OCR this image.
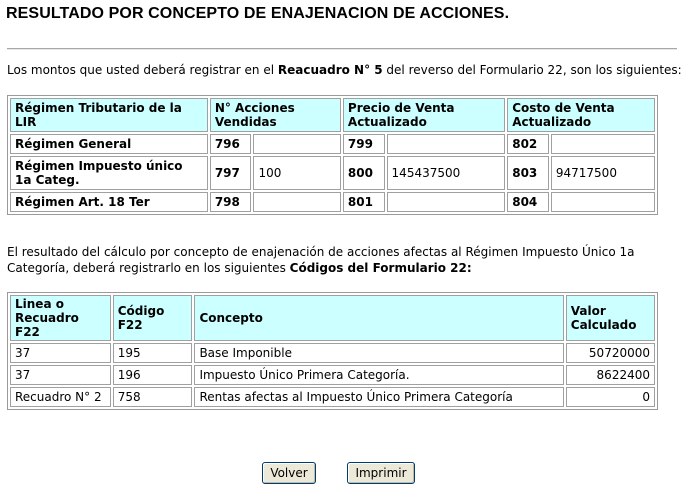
RESULTADO POR CONCEPTO DE ENAJENACION DE ACCIONES.
Los montos que usted deberá registrar en el Reacuadro N° 5 del reverso del Formulario 22, son los siguientes:
Régimen Tributario de la LIR	N° Acciones Vendidas		Precio de Venta Actualizado		Costo de Venta Actualizado	
Régimen General	796		799		802	
Régimen Impuesto único 1a Categ.	797	100	800	145437500	803	94717500
Régimen Art. 18 Ter	798		801		804	
El resultado del cálculo por concepto de enajenación de acciones afectas al Régimen Impuesto Único 1a Categoría, deberá registrarlo en los siguientes Códigos del Formulario 22:
Linea o Recuadro F22	Código F22	Concepto	Valor Calculado
37	195	Base Imponible	50720000
37	196	Impuesto Único Primera Categoría.	8622400
Recuadro N° 2	758	Rentas afectas al Impuesto Único Primera Categoría	0
Volver	Imprimir
